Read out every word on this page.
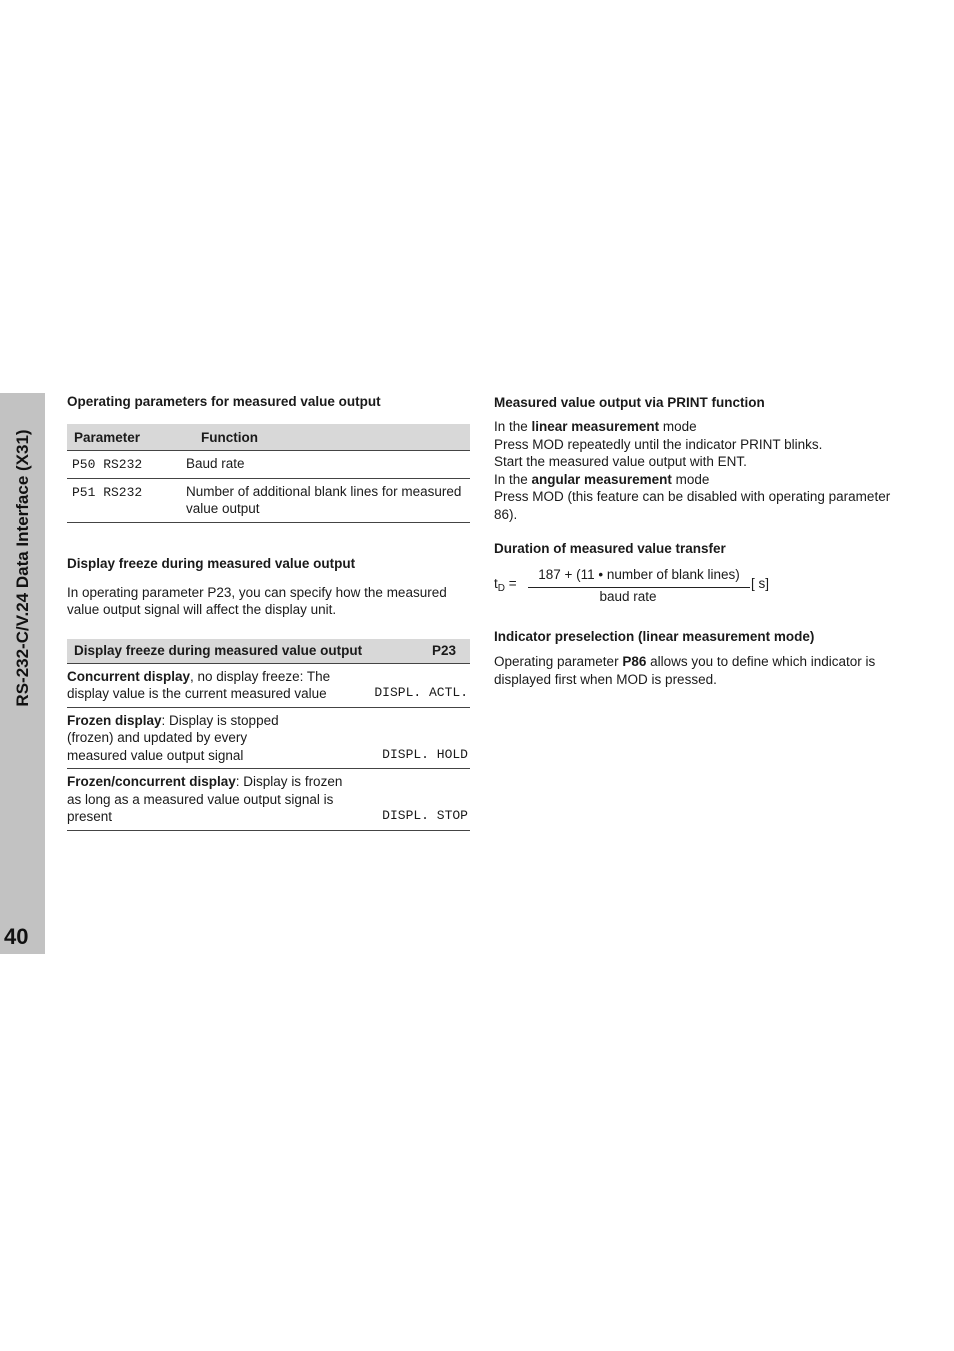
RS-232-C/V.24 Data Interface (X31)
40

Operating parameters for measured value output

Parameter	Function
P50 RS232	Baud rate
P51 RS232	Number of additional blank lines for measured value output

Display freeze during measured value output

In operating parameter P23, you can specify how the measured value output signal will affect the display unit.

Display freeze during measured value output	P23
Concurrent display, no display freeze: The display value is the current measured value	DISPL. ACTL.
Frozen display: Display is stopped (frozen) and updated by every measured value output signal	DISPL. HOLD
Frozen/concurrent display: Display is frozen as long as a measured value output signal is present	DISPL. STOP

Measured value output via PRINT function

In the linear measurement mode
Press MOD repeatedly until the indicator PRINT blinks.
Start the measured value output with ENT.
In the angular measurement mode
Press MOD (this feature can be disabled with operating parameter 86).

Duration of measured value transfer

$t_D$ =
187 + (11 • number of blank lines)
baud rate
[ s]

Indicator preselection (linear measurement mode)

Operating parameter P86 allows you to define which indicator is displayed first when MOD is pressed.
